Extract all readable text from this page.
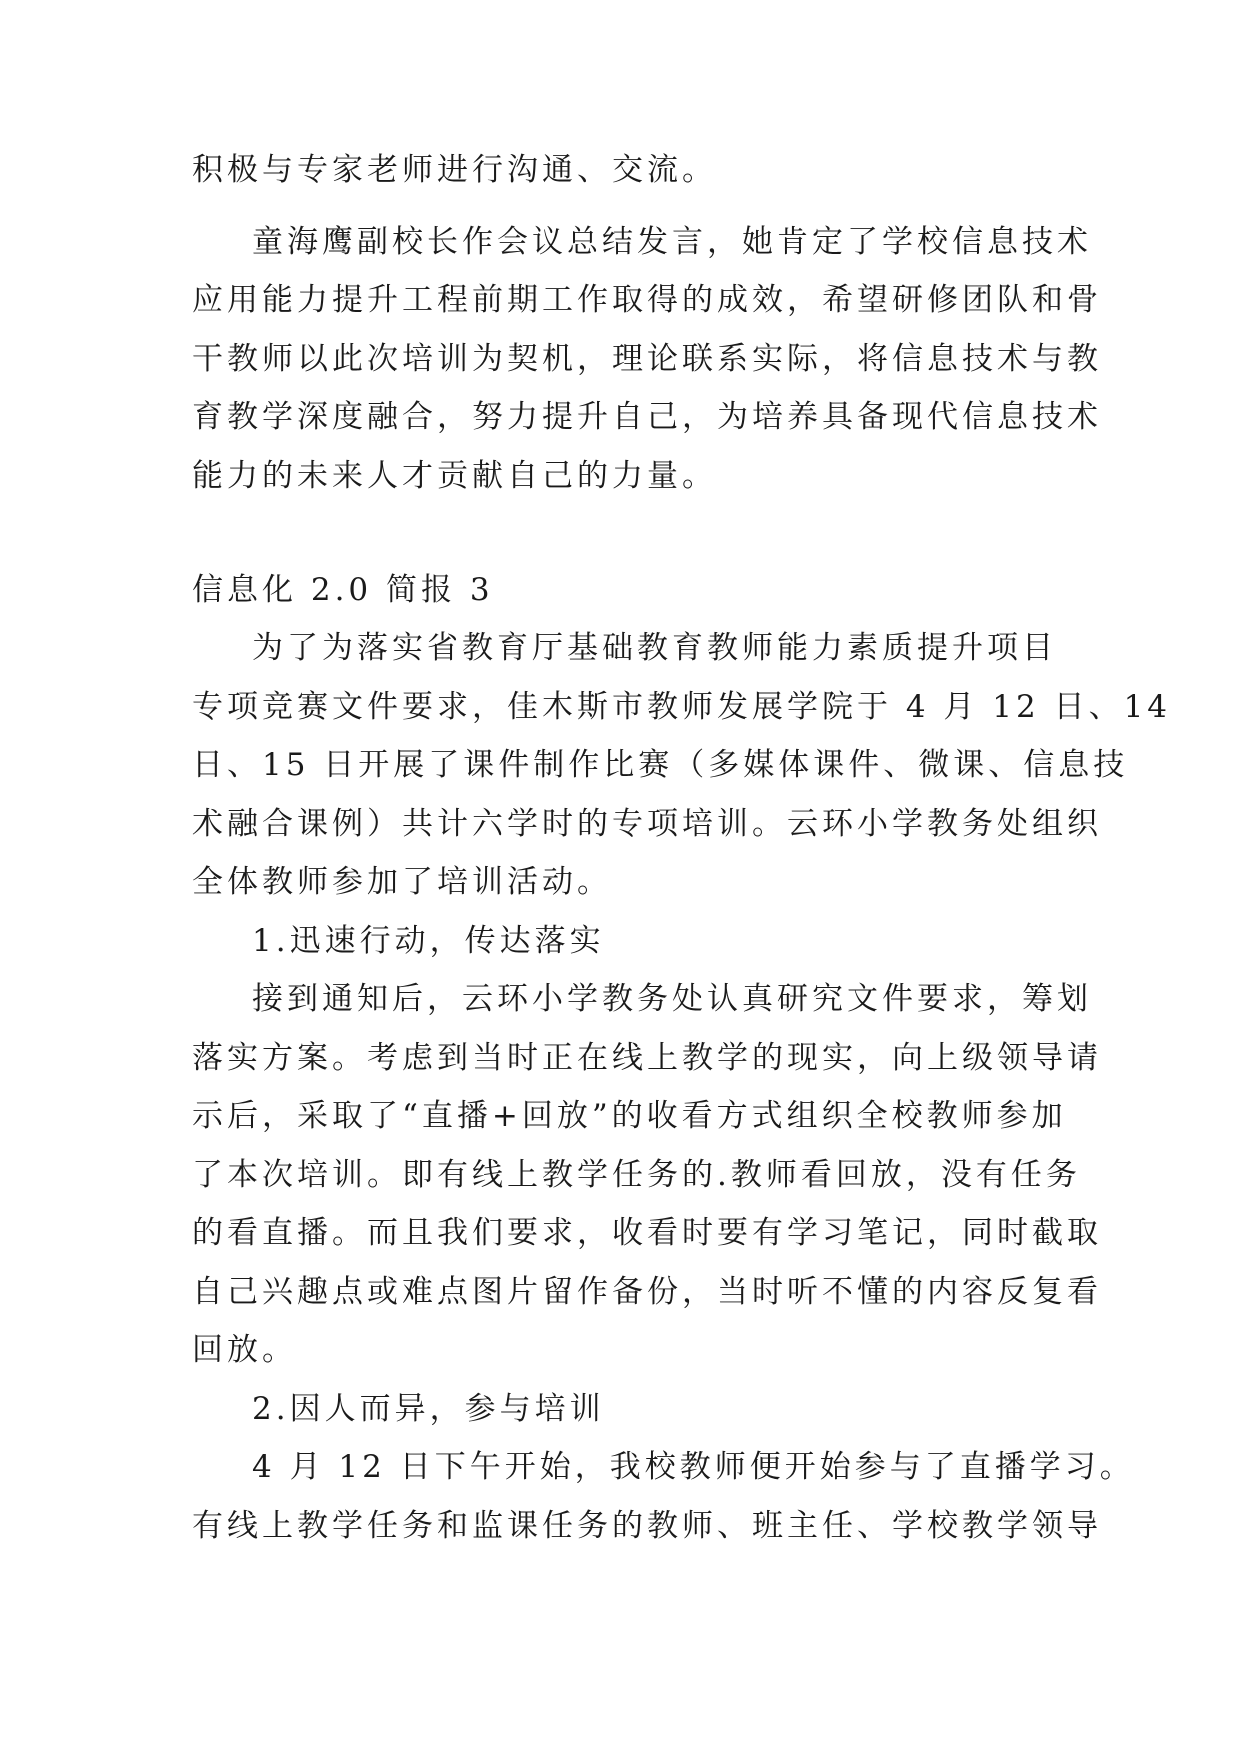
积极与专家老师进行沟通、交流。
童海鹰副校长作会议总结发言，她肯定了学校信息技术
应用能力提升工程前期工作取得的成效，希望研修团队和骨
干教师以此次培训为契机，理论联系实际，将信息技术与教
育教学深度融合，努力提升自己，为培养具备现代信息技术
能力的未来人才贡献自己的力量。
信息化 2.0 简报 3
为了为落实省教育厅基础教育教师能力素质提升项目
专项竞赛文件要求，佳木斯市教师发展学院于 4 月 12 日、14
日、15 日开展了课件制作比赛（多媒体课件、微课、信息技
术融合课例）共计六学时的专项培训。云环小学教务处组织
全体教师参加了培训活动。
1.迅速行动，传达落实
接到通知后，云环小学教务处认真研究文件要求，筹划
落实方案。考虑到当时正在线上教学的现实，向上级领导请
示后，采取了“直播+回放”的收看方式组织全校教师参加
了本次培训。即有线上教学任务的.教师看回放，没有任务
的看直播。而且我们要求，收看时要有学习笔记，同时截取
自己兴趣点或难点图片留作备份，当时听不懂的内容反复看
回放。
2.因人而异，参与培训
4 月 12 日下午开始，我校教师便开始参与了直播学习。
有线上教学任务和监课任务的教师、班主任、学校教学领导
